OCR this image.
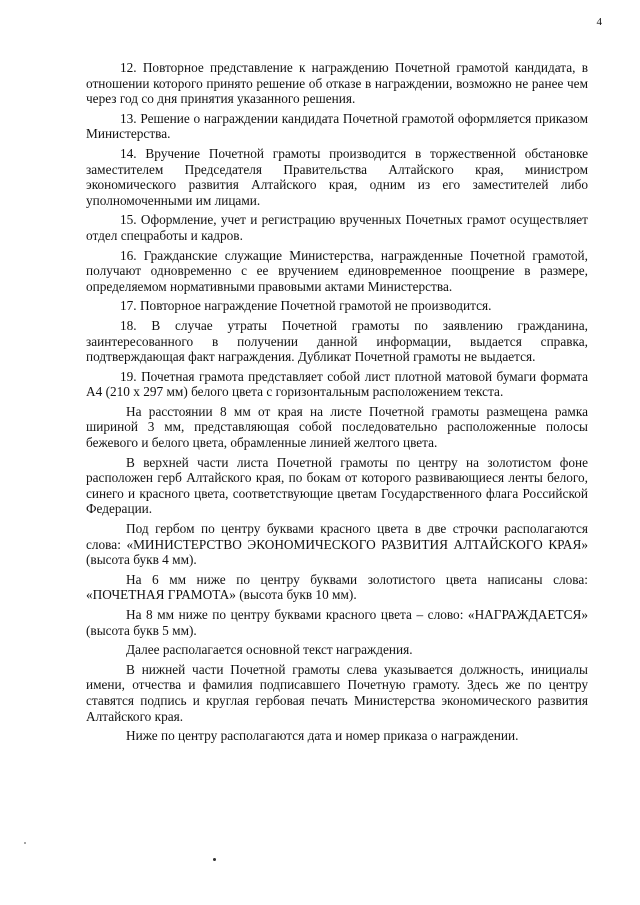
4

12. Повторное представление к награждению Почетной грамотой кандидата, в отношении которого принято решение об отказе в награждении, возможно не ранее чем через год со дня принятия указанного решения.

13. Решение о награждении кандидата Почетной грамотой оформляется приказом Министерства.

14. Вручение Почетной грамоты производится в торжественной обстановке заместителем Председателя Правительства Алтайского края, министром экономического развития Алтайского края, одним из его заместителей либо уполномоченными им лицами.

15. Оформление, учет и регистрацию врученных Почетных грамот осуществляет отдел спецработы и кадров.

16. Гражданские служащие Министерства, награжденные Почетной грамотой, получают одновременно с ее вручением единовременное поощрение в размере, определяемом нормативными правовыми актами Министерства.

17. Повторное награждение Почетной грамотой не производится.

18. В случае утраты Почетной грамоты по заявлению гражданина, заинтересованного в получении данной информации, выдается справка, подтверждающая факт награждения. Дубликат Почетной грамоты не выдается.

19. Почетная грамота представляет собой лист плотной матовой бумаги формата А4 (210 х 297 мм) белого цвета с горизонтальным расположением текста.

На расстоянии 8 мм от края на листе Почетной грамоты размещена рамка шириной 3 мм, представляющая собой последовательно расположенные полосы бежевого и белого цвета, обрамленные линией желтого цвета.

В верхней части листа Почетной грамоты по центру на золотистом фоне расположен герб Алтайского края, по бокам от которого развивающиеся ленты белого, синего и красного цвета, соответствующие цветам Государственного флага Российской Федерации.

Под гербом по центру буквами красного цвета в две строчки располагаются слова: «МИНИСТЕРСТВО ЭКОНОМИЧЕСКОГО РАЗВИТИЯ АЛТАЙСКОГО КРАЯ» (высота букв 4 мм).

На 6 мм ниже по центру буквами золотистого цвета написаны слова: «ПОЧЕТНАЯ ГРАМОТА» (высота букв 10 мм).

На 8 мм ниже по центру буквами красного цвета – слово: «НАГРАЖДАЕТСЯ» (высота букв 5 мм).

Далее располагается основной текст награждения.

В нижней части Почетной грамоты слева указывается должность, инициалы имени, отчества и фамилия подписавшего Почетную грамоту. Здесь же по центру ставятся подпись и круглая гербовая печать Министерства экономического развития Алтайского края.

Ниже по центру располагаются дата и номер приказа о награждении.
